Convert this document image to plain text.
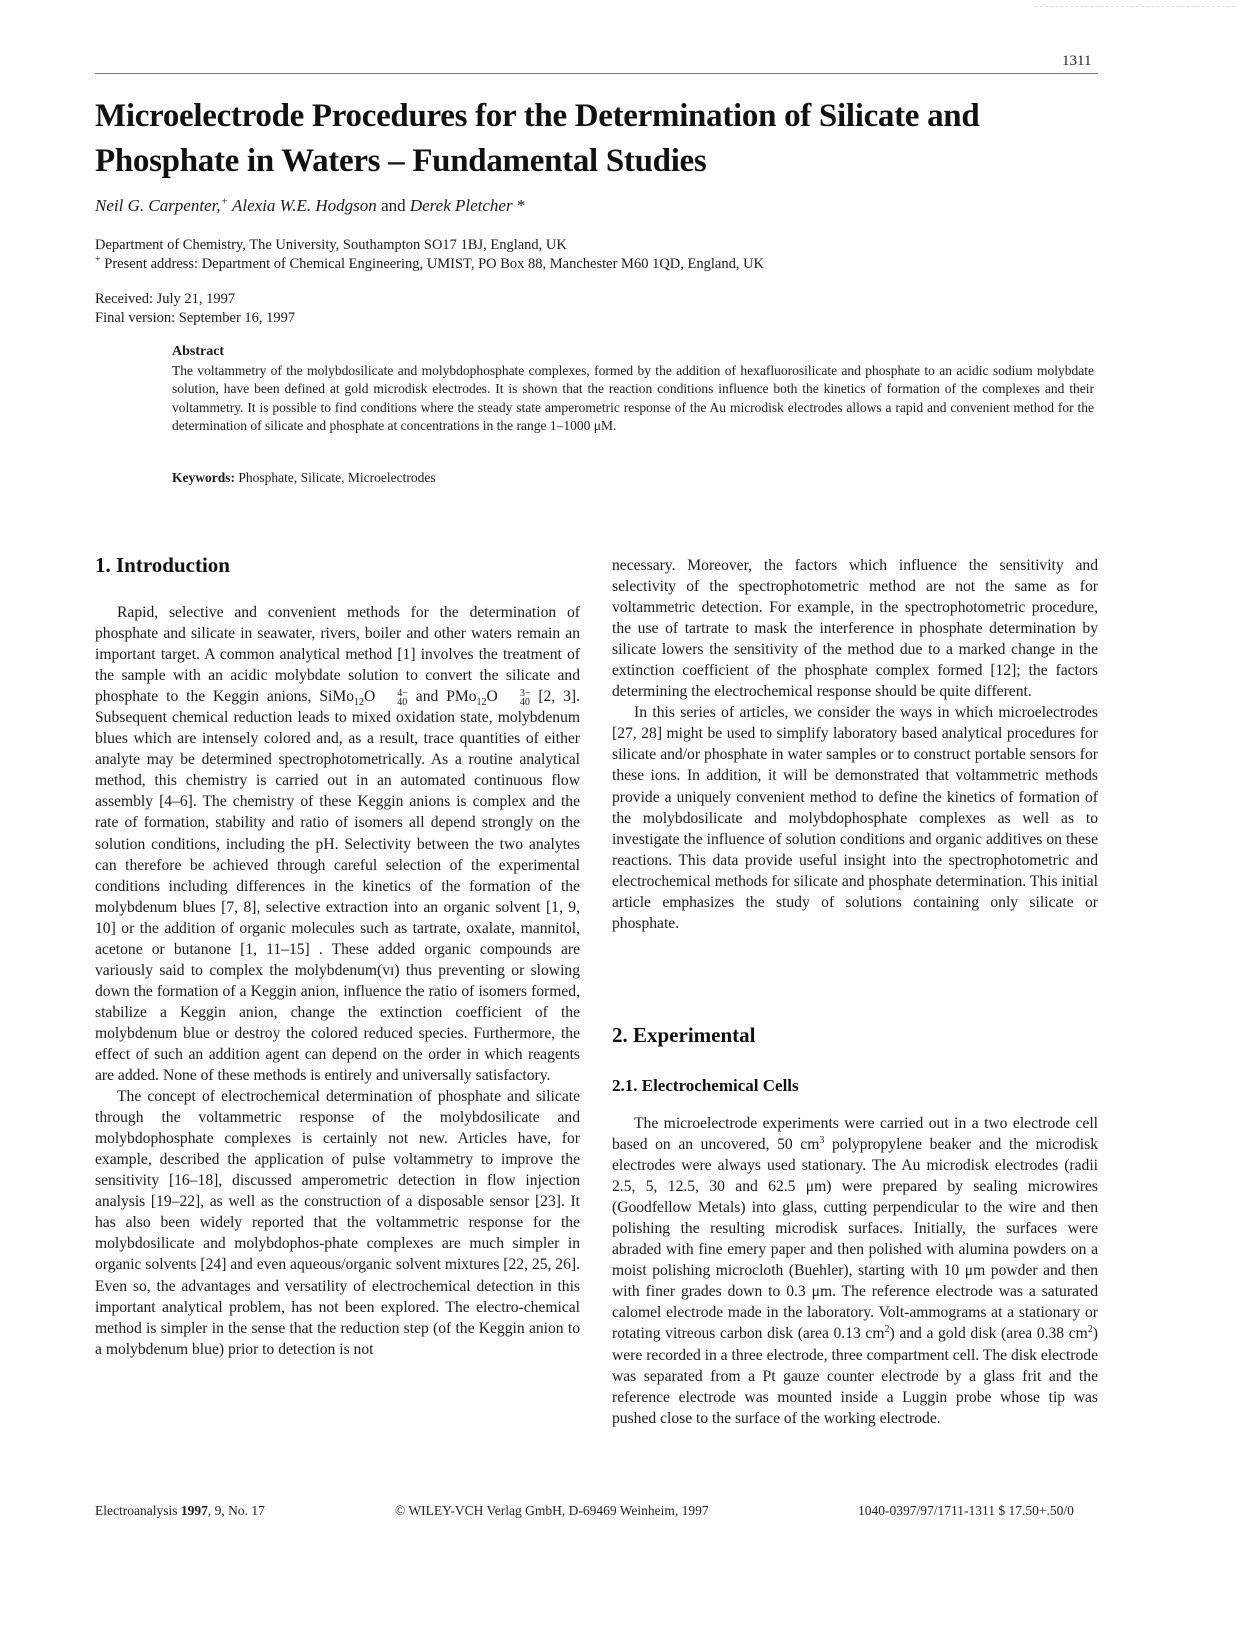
1311
Microelectrode Procedures for the Determination of Silicate and Phosphate in Waters – Fundamental Studies
Neil G. Carpenter,+ Alexia W.E. Hodgson and Derek Pletcher *
Department of Chemistry, The University, Southampton SO17 1BJ, England, UK
+ Present address: Department of Chemical Engineering, UMIST, PO Box 88, Manchester M60 1QD, England, UK
Received: July 21, 1997
Final version: September 16, 1997
Abstract
The voltammetry of the molybdosilicate and molybdophosphate complexes, formed by the addition of hexafluorosilicate and phosphate to an acidic sodium molybdate solution, have been defined at gold microdisk electrodes. It is shown that the reaction conditions influence both the kinetics of formation of the complexes and their voltammetry. It is possible to find conditions where the steady state amperometric response of the Au microdisk electrodes allows a rapid and convenient method for the determination of silicate and phosphate at concentrations in the range 1–1000 μM.
Keywords: Phosphate, Silicate, Microelectrodes
1. Introduction

Rapid, selective and convenient methods for the determination of phosphate and silicate in seawater, rivers, boiler and other waters remain an important target. A common analytical method [1] involves the treatment of the sample with an acidic molybdate solution to convert the silicate and phosphate to the Keggin anions, SiMo$_{12}$O	4−
40 and PMo$_{12}$O	3−
40 [2, 3]. Subsequent chemical reduction leads to mixed oxidation state, molybdenum blues which are intensely colored and, as a result, trace quantities of either analyte may be determined spectrophotometrically. As a routine analytical method, this chemistry is carried out in an automated continuous flow assembly [4–6]. The chemistry of these Keggin anions is complex and the rate of formation, stability and ratio of isomers all depend strongly on the solution conditions, including the pH. Selectivity between the two analytes can therefore be achieved through careful selection of the experimental conditions including differences in the kinetics of the formation of the molybdenum blues [7, 8], selective extraction into an organic solvent [1, 9, 10] or the addition of organic molecules such as tartrate, oxalate, mannitol, acetone or butanone [1, 11–15] . These added organic compounds are variously said to complex the molybdenum(ᴠɪ) thus preventing or slowing down the formation of a Keggin anion, influence the ratio of isomers formed, stabilize a Keggin anion, change the extinction coefficient of the molybdenum blue or destroy the colored reduced species. Furthermore, the effect of such an addition agent can depend on the order in which reagents are added. None of these methods is entirely and universally satisfactory.

The concept of electrochemical determination of phosphate and silicate through the voltammetric response of the molybdosilicate and molybdophosphate complexes is certainly not new. Articles have, for example, described the application of pulse voltammetry to improve the sensitivity [16–18], discussed amperometric detection in flow injection analysis [19–22], as well as the construction of a disposable sensor [23]. It has also been widely reported that the voltammetric response for the molybdosilicate and molybdophos-phate complexes are much simpler in organic solvents [24] and even aqueous/organic solvent mixtures [22, 25, 26]. Even so, the advantages and versatility of electrochemical detection in this important analytical problem, has not been explored. The electro-chemical method is simpler in the sense that the reduction step (of the Keggin anion to a molybdenum blue) prior to detection is not

necessary. Moreover, the factors which influence the sensitivity and selectivity of the spectrophotometric method are not the same as for voltammetric detection. For example, in the spectrophotometric procedure, the use of tartrate to mask the interference in phosphate determination by silicate lowers the sensitivity of the method due to a marked change in the extinction coefficient of the phosphate complex formed [12]; the factors determining the electrochemical response should be quite different.

In this series of articles, we consider the ways in which microelectrodes [27, 28] might be used to simplify laboratory based analytical procedures for silicate and/or phosphate in water samples or to construct portable sensors for these ions. In addition, it will be demonstrated that voltammetric methods provide a uniquely convenient method to define the kinetics of formation of the molybdosilicate and molybdophosphate complexes as well as to investigate the influence of solution conditions and organic additives on these reactions. This data provide useful insight into the spectrophotometric and electrochemical methods for silicate and phosphate determination. This initial article emphasizes the study of solutions containing only silicate or phosphate.

2. Experimental
2.1. Electrochemical Cells

The microelectrode experiments were carried out in a two electrode cell based on an uncovered, 50 $cm^3$ polypropylene beaker and the microdisk electrodes were always used stationary. The Au microdisk electrodes (radii 2.5, 5, 12.5, 30 and 62.5 μm) were prepared by sealing microwires (Goodfellow Metals) into glass, cutting perpendicular to the wire and then polishing the resulting microdisk surfaces. Initially, the surfaces were abraded with fine emery paper and then polished with alumina powders on a moist polishing microcloth (Buehler), starting with 10 μm powder and then with finer grades down to 0.3 μm. The reference electrode was a saturated calomel electrode made in the laboratory. Volt-ammograms at a stationary or rotating vitreous carbon disk (area 0.13 $cm^2$) and a gold disk (area 0.38 $cm^2$) were recorded in a three electrode, three compartment cell. The disk electrode was separated from a Pt gauze counter electrode by a glass frit and the reference electrode was mounted inside a Luggin probe whose tip was pushed close to the surface of the working electrode.

Electroanalysis 1997, 9, No. 17	© WILEY-VCH Verlag GmbH, D-69469 Weinheim, 1997	1040-0397/97/1711-1311 $ 17.50+.50/0
